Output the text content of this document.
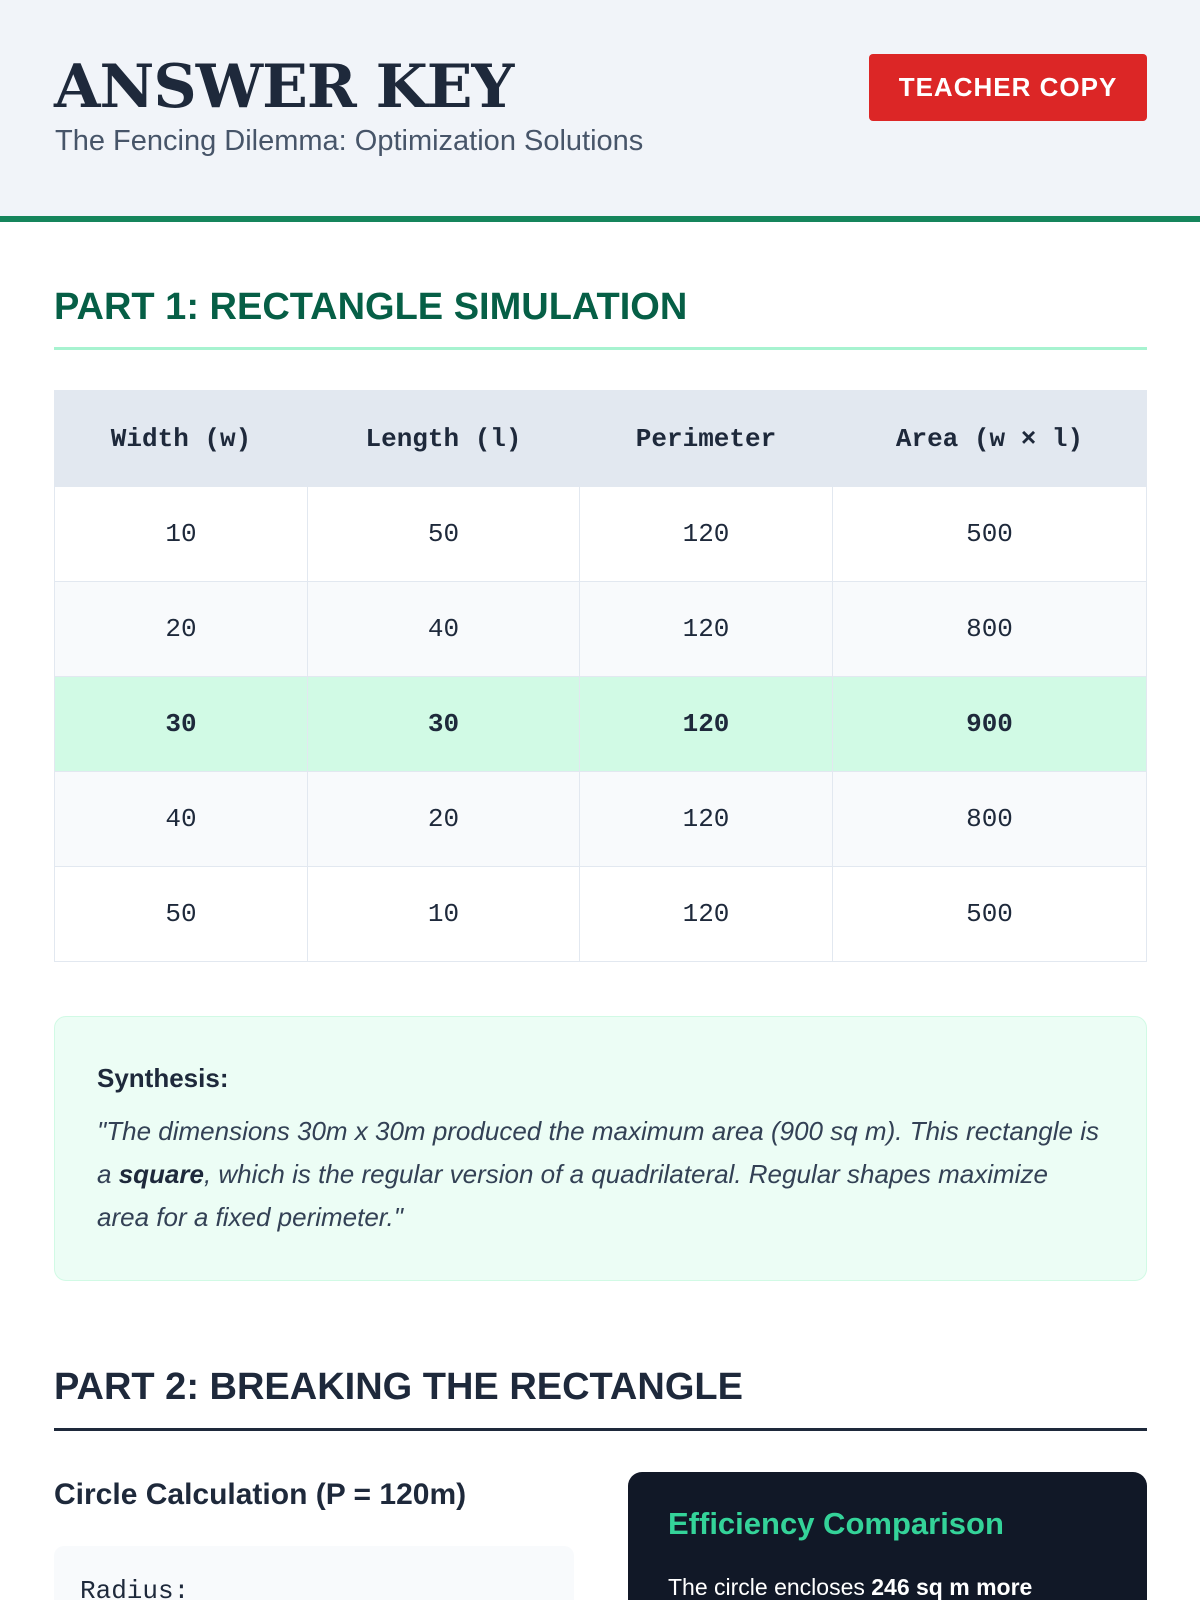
ANSWER KEY
The Fencing Dilemma: Optimization Solutions
TEACHER COPY
PART 1: RECTANGLE SIMULATION
Width (w)	Length (l)	Perimeter	Area (w × l)
10	50	120	500
20	40	120	800
30	30	120	900
40	20	120	800
50	10	120	500
Synthesis:

"The dimensions 30m x 30m produced the maximum area (900 sq m). This rectangle is a square, which is the regular version of a quadrilateral. Regular shapes maximize area for a fixed perimeter."

PART 2: BREAKING THE RECTANGLE
Circle Calculation (P = 120m)
Radius:
Efficiency Comparison

The circle encloses 246 sq m more
